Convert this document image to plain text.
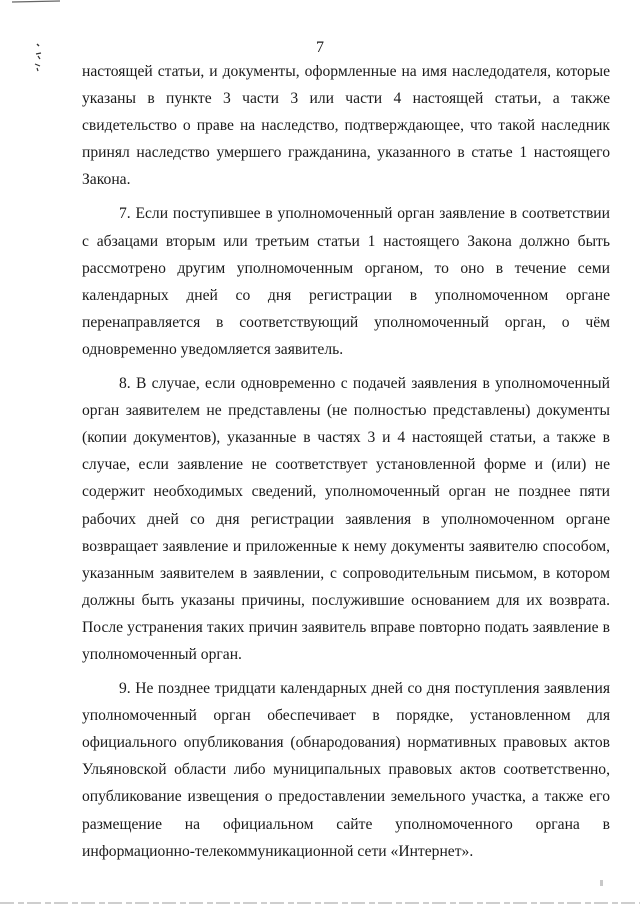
7

настоящей статьи, и документы, оформленные на имя наследодателя, которые указаны в пункте 3 части 3 или части 4 настоящей статьи, а также свидетельство о праве на наследство, подтверждающее, что такой наследник принял наследство умершего гражданина, указанного в статье 1 настоящего Закона.

7. Если поступившее в уполномоченный орган заявление в соответствии с абзацами вторым или третьим статьи 1 настоящего Закона должно быть рассмотрено другим уполномоченным органом, то оно в течение семи календарных дней со дня регистрации в уполномоченном органе перенаправляется в соответствующий уполномоченный орган, о чём одновременно уведомляется заявитель.

8. В случае, если одновременно с подачей заявления в уполномоченный орган заявителем не представлены (не полностью представлены) документы (копии документов), указанные в частях 3 и 4 настоящей статьи, а также в случае, если заявление не соответствует установленной форме и (или) не содержит необходимых сведений, уполномоченный орган не позднее пяти рабочих дней со дня регистрации заявления в уполномоченном органе возвращает заявление и приложенные к нему документы заявителю способом, указанным заявителем в заявлении, с сопроводительным письмом, в котором должны быть указаны причины, послужившие основанием для их возврата. После устранения таких причин заявитель вправе повторно подать заявление в уполномоченный орган.

9. Не позднее тридцати календарных дней со дня поступления заявления уполномоченный орган обеспечивает в порядке, установленном для официального опубликования (обнародования) нормативных правовых актов Ульяновской области либо муниципальных правовых актов соответственно, опубликование извещения о предоставлении земельного участка, а также его размещение на официальном сайте уполномоченного органа в информационно-телекоммуникационной сети «Интернет».
